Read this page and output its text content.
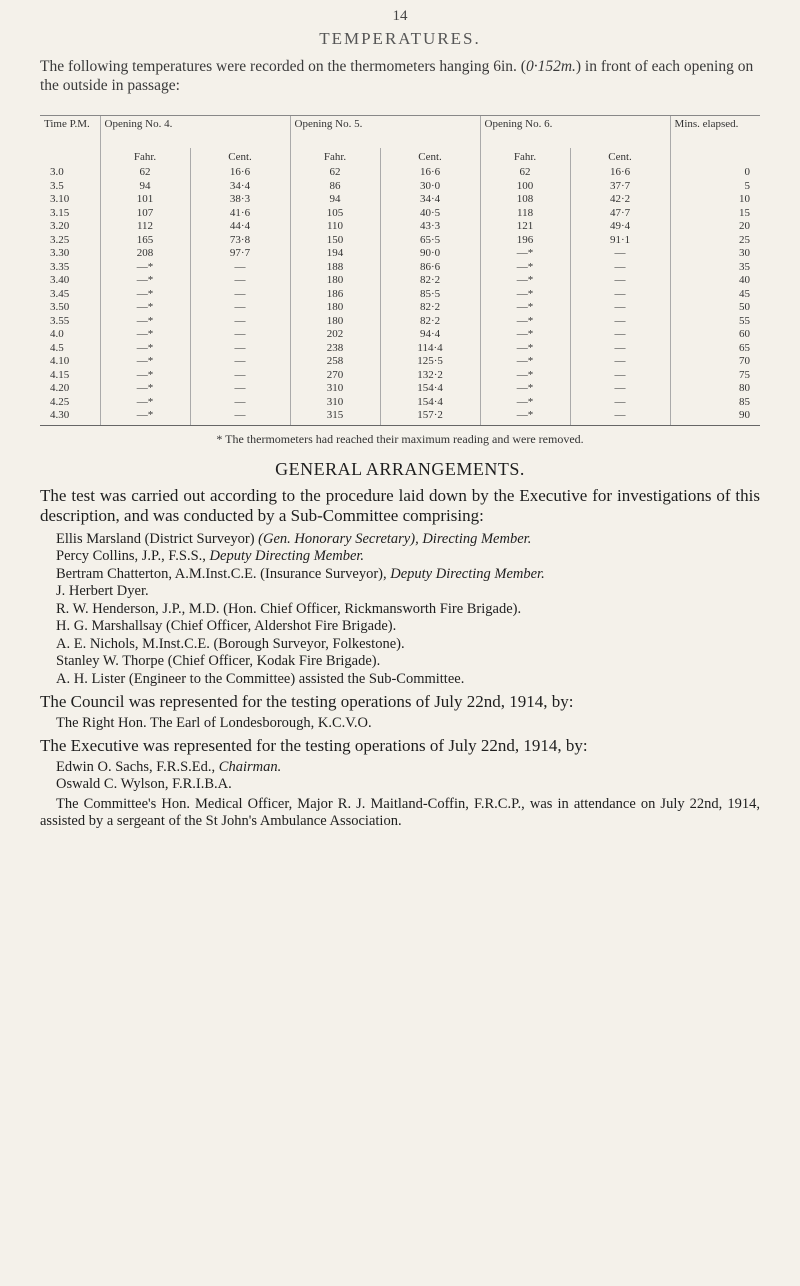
14
TEMPERATURES.

The following temperatures were recorded on the thermometers hanging 6in. (0·152m.) in front of each opening on the outside in passage:

Time P.M.	Opening No. 4.		Opening No. 5.		Opening No. 6.		Mins. elapsed.
	Fahr.	Cent.	Fahr.	Cent.	Fahr.	Cent.	
3.0	62	16·6	62	16·6	62	16·6	0
3.5	94	34·4	86	30·0	100	37·7	5
3.10	101	38·3	94	34·4	108	42·2	10
3.15	107	41·6	105	40·5	118	47·7	15
3.20	112	44·4	110	43·3	121	49·4	20
3.25	165	73·8	150	65·5	196	91·1	25
3.30	208	97·7	194	90·0	—*	—	30
3.35	—*	—	188	86·6	—*	—	35
3.40	—*	—	180	82·2	—*	—	40
3.45	—*	—	186	85·5	—*	—	45
3.50	—*	—	180	82·2	—*	—	50
3.55	—*	—	180	82·2	—*	—	55
4.0	—*	—	202	94·4	—*	—	60
4.5	—*	—	238	114·4	—*	—	65
4.10	—*	—	258	125·5	—*	—	70
4.15	—*	—	270	132·2	—*	—	75
4.20	—*	—	310	154·4	—*	—	80
4.25	—*	—	310	154·4	—*	—	85
4.30	—*	—	315	157·2	—*	—	90
* The thermometers had reached their maximum reading and were removed.
GENERAL ARRANGEMENTS.

The test was carried out according to the procedure laid down by the Executive for investigations of this description, and was conducted by a Sub-Committee comprising:

Ellis Marsland (District Surveyor) (Gen. Honorary Secretary), Directing Member.
Percy Collins, J.P., F.S.S., Deputy Directing Member.
Bertram Chatterton, A.M.Inst.C.E. (Insurance Surveyor), Deputy Directing Member.
J. Herbert Dyer.
R. W. Henderson, J.P., M.D. (Hon. Chief Officer, Rickmansworth Fire Brigade).
H. G. Marshallsay (Chief Officer, Aldershot Fire Brigade).
A. E. Nichols, M.Inst.C.E. (Borough Surveyor, Folkestone).
Stanley W. Thorpe (Chief Officer, Kodak Fire Brigade).
A. H. Lister (Engineer to the Committee) assisted the Sub-Committee.

The Council was represented for the testing operations of July 22nd, 1914, by:

The Right Hon. The Earl of Londesborough, K.C.V.O.

The Executive was represented for the testing operations of July 22nd, 1914, by:

Edwin O. Sachs, F.R.S.Ed., Chairman.
Oswald C. Wylson, F.R.I.B.A.

The Committee's Hon. Medical Officer, Major R. J. Maitland-Coffin, F.R.C.P., was in attendance on July 22nd, 1914, assisted by a sergeant of the St John's Ambulance Association.
